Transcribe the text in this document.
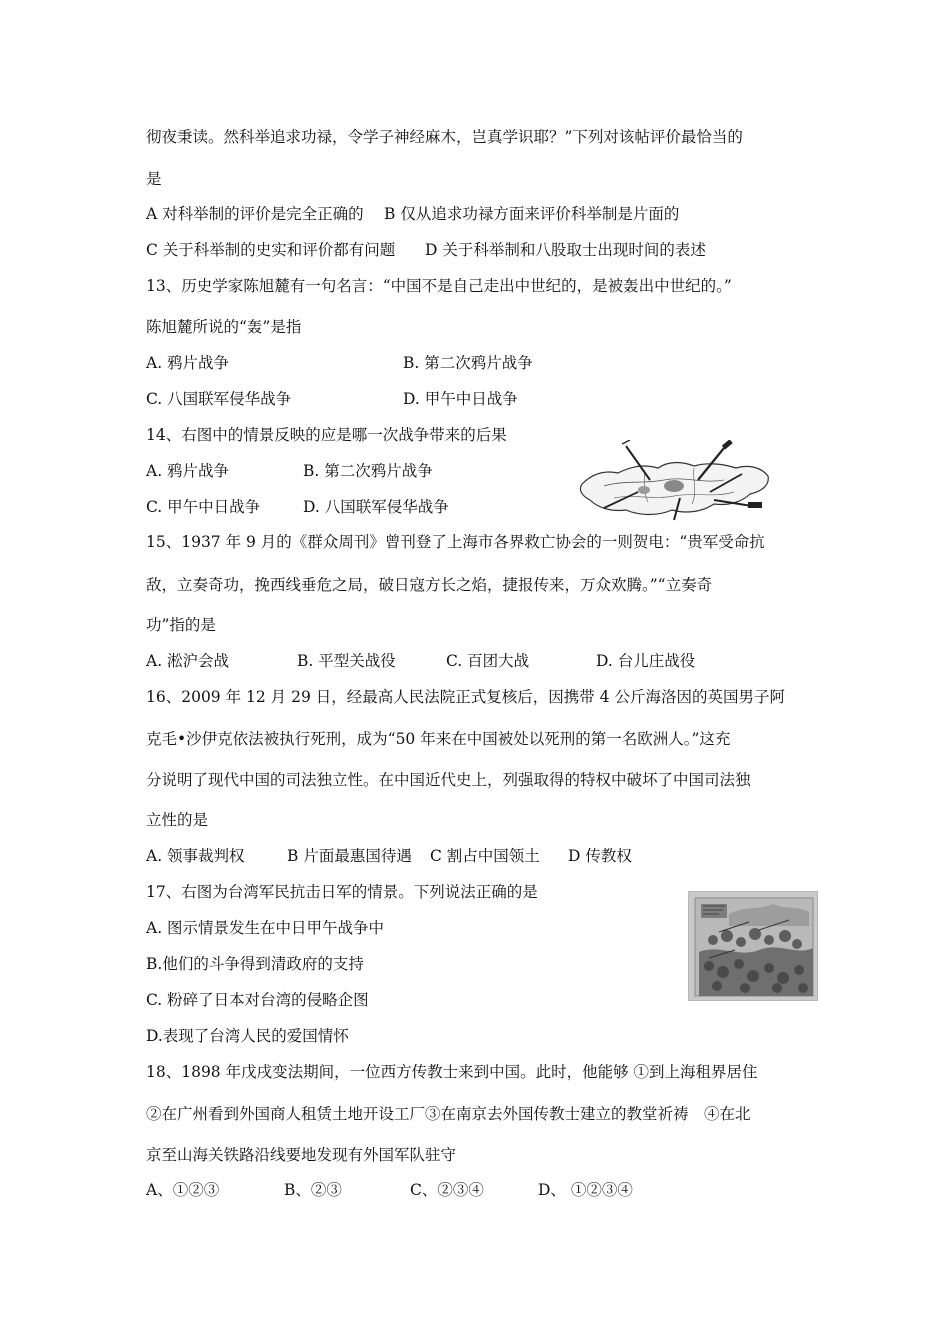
彻夜秉读。然科举追求功禄，令学子神经麻木，岂真学识耶？”下列对该帖评价最恰当的
是
A 对科举制的评价是完全正确的 B 仅从追求功禄方面来评价科举制是片面的
C 关于科举制的史实和评价都有问题 D 关于科举制和八股取士出现时间的表述
13、历史学家陈旭麓有一句名言：“中国不是自己走出中世纪的，是被轰出中世纪的。”
陈旭麓所说的“轰”是指
A. 鸦片战争	B. 第二次鸦片战争
C. 八国联军侵华战争	D. 甲午中日战争
14、右图中的情景反映的应是哪一次战争带来的后果
A. 鸦片战争	B. 第二次鸦片战争
C. 甲午中日战争	D. 八国联军侵华战争
15、1937 年 9 月的《群众周刊》曾刊登了上海市各界救亡协会的一则贺电：“贵军受命抗
敌，立奏奇功，挽西线垂危之局，破日寇方长之焰，捷报传来，万众欢腾。”“立奏奇
功”指的是
A. 淞沪会战	B. 平型关战役	C. 百团大战	D. 台儿庄战役
16、2009 年 12 月 29 日，经最高人民法院正式复核后，因携带 4 公斤海洛因的英国男子阿
克毛•沙伊克依法被执行死刑，成为“50 年来在中国被处以死刑的第一名欧洲人。”这充
分说明了现代中国的司法独立性。在中国近代史上，列强取得的特权中破坏了中国司法独
立性的是
A. 领事裁判权	B 片面最惠国待遇 C 割占中国领土 D 传教权
17、右图为台湾军民抗击日军的情景。下列说法正确的是
A. 图示情景发生在中日甲午战争中
B.他们的斗争得到清政府的支持
C. 粉碎了日本对台湾的侵略企图
D.表现了台湾人民的爱国情怀
18、1898 年戊戌变法期间，一位西方传教士来到中国。此时，他能够 ①到上海租界居住
②在广州看到外国商人租赁土地开设工厂③在南京去外国传教士建立的教堂祈祷　④在北
京至山海关铁路沿线要地发现有外国军队驻守
A、①②③	B、②③	C、②③④	D、 ①②③④
